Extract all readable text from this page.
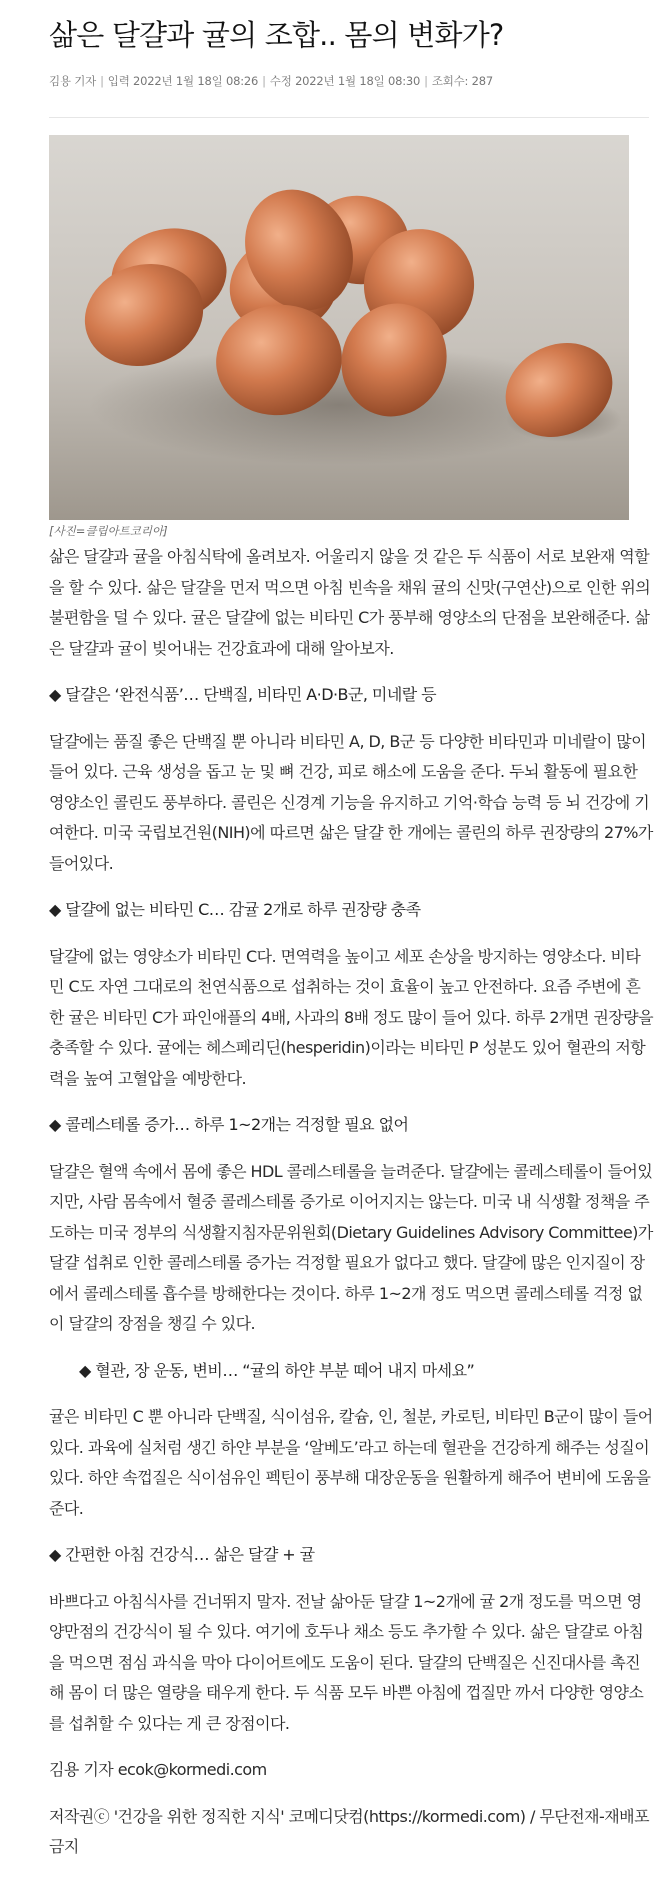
삶은 달걀과 귤의 조합.. 몸의 변화가?
김용 기자 | 입력 2022년 1월 18일 08:26 | 수정 2022년 1월 18일 08:30 | 조회수: 287
[사진=클립아트코리아]

삶은 달걀과 귤을 아침식탁에 올려보자. 어울리지 않을 것 같은 두 식품이 서로 보완재 역할을 할 수 있다. 삶은 달걀을 먼저 먹으면 아침 빈속을 채워 귤의 신맛(구연산)으로 인한 위의 불편함을 덜 수 있다. 귤은 달걀에 없는 비타민 C가 풍부해 영양소의 단점을 보완해준다. 삶은 달걀과 귤이 빚어내는 건강효과에 대해 알아보자.

◆ 달걀은 ‘완전식품’… 단백질, 비타민 A·D·B군, 미네랄 등

달걀에는 품질 좋은 단백질 뿐 아니라 비타민 A, D, B군 등 다양한 비타민과 미네랄이 많이 들어 있다. 근육 생성을 돕고 눈 및 뼈 건강, 피로 해소에 도움을 준다. 두뇌 활동에 필요한 영양소인 콜린도 풍부하다. 콜린은 신경계 기능을 유지하고 기억·학습 능력 등 뇌 건강에 기여한다. 미국 국립보건원(NIH)에 따르면 삶은 달걀 한 개에는 콜린의 하루 권장량의 27%가 들어있다.

◆ 달걀에 없는 비타민 C… 감귤 2개로 하루 권장량 충족

달걀에 없는 영양소가 비타민 C다. 면역력을 높이고 세포 손상을 방지하는 영양소다. 비타민 C도 자연 그대로의 천연식품으로 섭취하는 것이 효율이 높고 안전하다. 요즘 주변에 흔한 귤은 비타민 C가 파인애플의 4배, 사과의 8배 정도 많이 들어 있다. 하루 2개면 권장량을 충족할 수 있다. 귤에는 헤스페리딘(hesperidin)이라는 비타민 P 성분도 있어 혈관의 저항력을 높여 고혈압을 예방한다.

◆ 콜레스테롤 증가… 하루 1~2개는 걱정할 필요 없어

달걀은 혈액 속에서 몸에 좋은 HDL 콜레스테롤을 늘려준다. 달걀에는 콜레스테롤이 들어있지만, 사람 몸속에서 혈중 콜레스테롤 증가로 이어지지는 않는다. 미국 내 식생활 정책을 주도하는 미국 정부의 식생활지침자문위원회(Dietary Guidelines Advisory Committee)가 달걀 섭취로 인한 콜레스테롤 증가는 걱정할 필요가 없다고 했다. 달걀에 많은 인지질이 장에서 콜레스테롤 흡수를 방해한다는 것이다. 하루 1~2개 정도 먹으면 콜레스테롤 걱정 없이 달걀의 장점을 챙길 수 있다.

◆ 혈관, 장 운동, 변비… “귤의 하얀 부분 떼어 내지 마세요”

귤은 비타민 C 뿐 아니라 단백질, 식이섬유, 칼슘, 인, 철분, 카로틴, 비타민 B군이 많이 들어 있다. 과육에 실처럼 생긴 하얀 부분을 ‘알베도’라고 하는데 혈관을 건강하게 해주는 성질이 있다. 하얀 속껍질은 식이섬유인 펙틴이 풍부해 대장운동을 원활하게 해주어 변비에 도움을 준다.

◆ 간편한 아침 건강식… 삶은 달걀 + 귤

바쁘다고 아침식사를 건너뛰지 말자. 전날 삶아둔 달걀 1~2개에 귤 2개 정도를 먹으면 영양만점의 건강식이 될 수 있다. 여기에 호두나 채소 등도 추가할 수 있다. 삶은 달걀로 아침을 먹으면 점심 과식을 막아 다이어트에도 도움이 된다. 달걀의 단백질은 신진대사를 촉진해 몸이 더 많은 열량을 태우게 한다. 두 식품 모두 바쁜 아침에 껍질만 까서 다양한 영양소를 섭취할 수 있다는 게 큰 장점이다.

김용 기자 ecok@kormedi.com

저작권ⓒ '건강을 위한 정직한 지식' 코메디닷컴(https://kormedi.com) / 무단전재-재배포 금지
